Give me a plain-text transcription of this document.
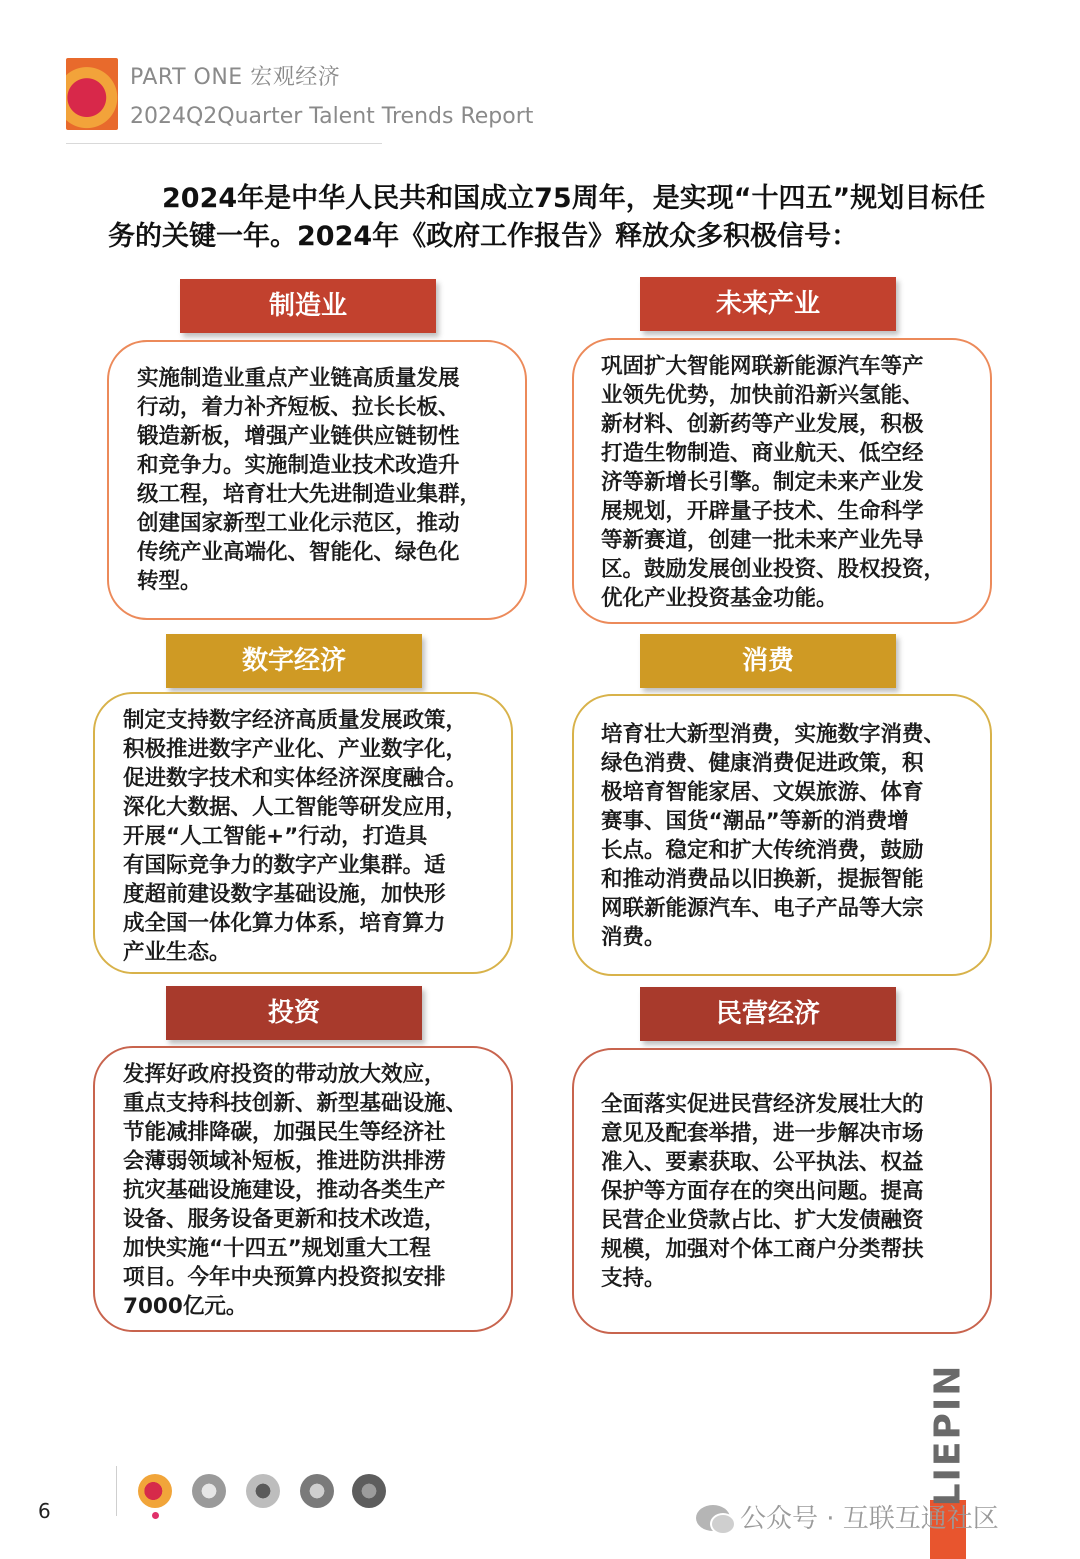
PART ONE 宏观经济
2024Q2Quarter Talent Trends Report
2024年是中华人民共和国成立75周年，是实现“十四五”规划目标任务的关键一年。2024年《政府工作报告》释放众多积极信号：
制造业

实施制造业重点产业链高质量发展
行动，着力补齐短板、拉长长板、
锻造新板，增强产业链供应链韧性
和竞争力。实施制造业技术改造升
级工程，培育壮大先进制造业集群，
创建国家新型工业化示范区，推动
传统产业高端化、智能化、绿色化
转型。

未来产业

巩固扩大智能网联新能源汽车等产
业领先优势，加快前沿新兴氢能、
新材料、创新药等产业发展，积极
打造生物制造、商业航天、低空经
济等新增长引擎。制定未来产业发
展规划，开辟量子技术、生命科学
等新赛道，创建一批未来产业先导
区。鼓励发展创业投资、股权投资，
优化产业投资基金功能。

数字经济

制定支持数字经济高质量发展政策，
积极推进数字产业化、产业数字化，
促进数字技术和实体经济深度融合。
深化大数据、人工智能等研发应用，
开展“人工智能+”行动，打造具
有国际竞争力的数字产业集群。适
度超前建设数字基础设施，加快形
成全国一体化算力体系，培育算力
产业生态。

消费

培育壮大新型消费，实施数字消费、
绿色消费、健康消费促进政策，积
极培育智能家居、文娱旅游、体育
赛事、国货“潮品”等新的消费增
长点。稳定和扩大传统消费，鼓励
和推动消费品以旧换新，提振智能
网联新能源汽车、电子产品等大宗
消费。

投资

发挥好政府投资的带动放大效应，
重点支持科技创新、新型基础设施、
节能减排降碳，加强民生等经济社
会薄弱领域补短板，推进防洪排涝
抗灾基础设施建设，推动各类生产
设备、服务设备更新和技术改造，
加快实施“十四五”规划重大工程
项目。今年中央预算内投资拟安排
7000亿元。

民营经济

全面落实促进民营经济发展壮大的
意见及配套举措，进一步解决市场
准入、要素获取、公平执法、权益
保护等方面存在的突出问题。提高
民营企业贷款占比、扩大发债融资
规模，加强对个体工商户分类帮扶
支持。

6
LIEPIN
公众号 · 互联互通社区
